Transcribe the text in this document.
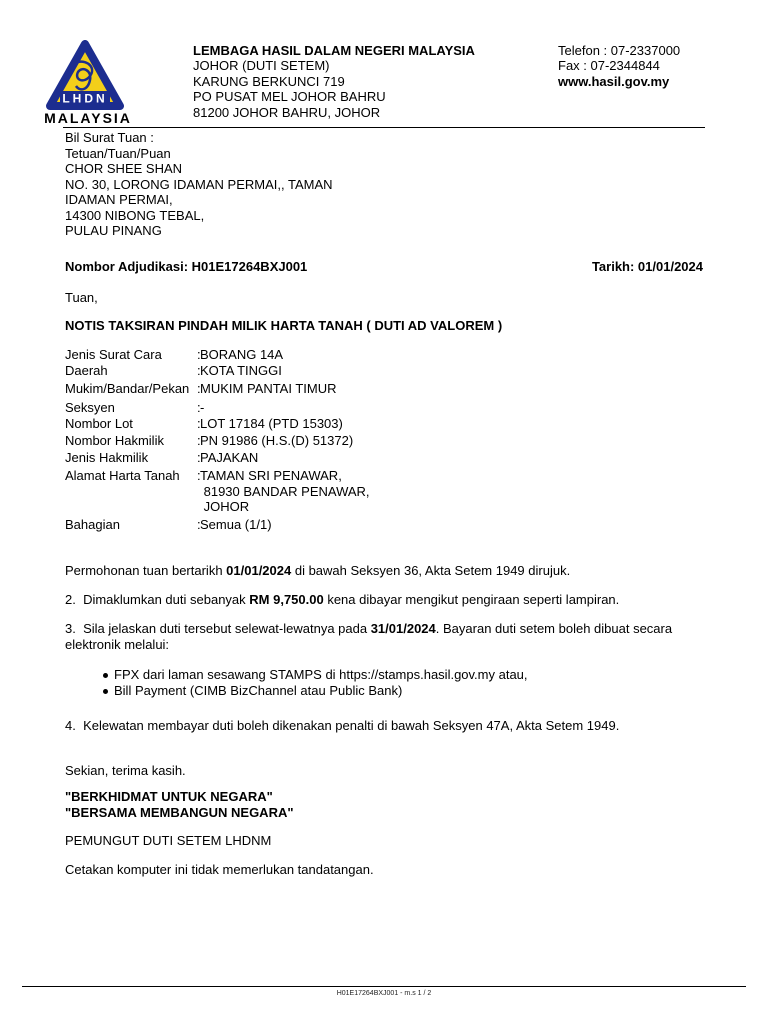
LHDN
MALAYSIA
LEMBAGA HASIL DALAM NEGERI MALAYSIA
JOHOR (DUTI SETEM)
KARUNG BERKUNCI 719
PO PUSAT MEL JOHOR BAHRU
81200 JOHOR BAHRU, JOHOR
Telefon : 07-2337000
Fax : 07-2344844
www.hasil.gov.my
Bil Surat Tuan :
Tetuan/Tuan/Puan
CHOR SHEE SHAN
NO. 30, LORONG IDAMAN PERMAI,, TAMAN
IDAMAN PERMAI,
14300 NIBONG TEBAL,
PULAU PINANG
Nombor Adjudikasi: H01E17264BXJ001	Tarikh: 01/01/2024
Tuan,
NOTIS TAKSIRAN PINDAH MILIK HARTA TANAH ( DUTI AD VALOREM )
Jenis Surat Cara	: BORANG 14A
Daerah	: KOTA TINGGI
Mukim/Bandar/Pekan : MUKIM PANTAI TIMUR
Seksyen	: -
Nombor Lot	: LOT 17184 (PTD 15303)
Nombor Hakmilik	: PN 91986 (H.S.(D) 51372)
Jenis Hakmilik	: PAJAKAN
Alamat Harta Tanah : TAMAN SRI PENAWAR,
81930 BANDAR PENAWAR,
JOHOR
Bahagian	: Semua (1/1)
Permohonan tuan bertarikh 01/01/2024 di bawah Seksyen 36, Akta Setem 1949 dirujuk.
2. Dimaklumkan duti sebanyak RM 9,750.00 kena dibayar mengikut pengiraan seperti lampiran.
3. Sila jelaskan duti tersebut selewat-lewatnya pada 31/01/2024. Bayaran duti setem boleh dibuat secara
elektronik melalui:
FPX dari laman sesawang STAMPS di https://stamps.hasil.gov.my atau,
Bill Payment (CIMB BizChannel atau Public Bank)
4. Kelewatan membayar duti boleh dikenakan penalti di bawah Seksyen 47A, Akta Setem 1949.
Sekian, terima kasih.
"BERKHIDMAT UNTUK NEGARA"
"BERSAMA MEMBANGUN NEGARA"
PEMUNGUT DUTI SETEM LHDNM
Cetakan komputer ini tidak memerlukan tandatangan.
H01E17264BXJ001 - m.s 1 / 2
